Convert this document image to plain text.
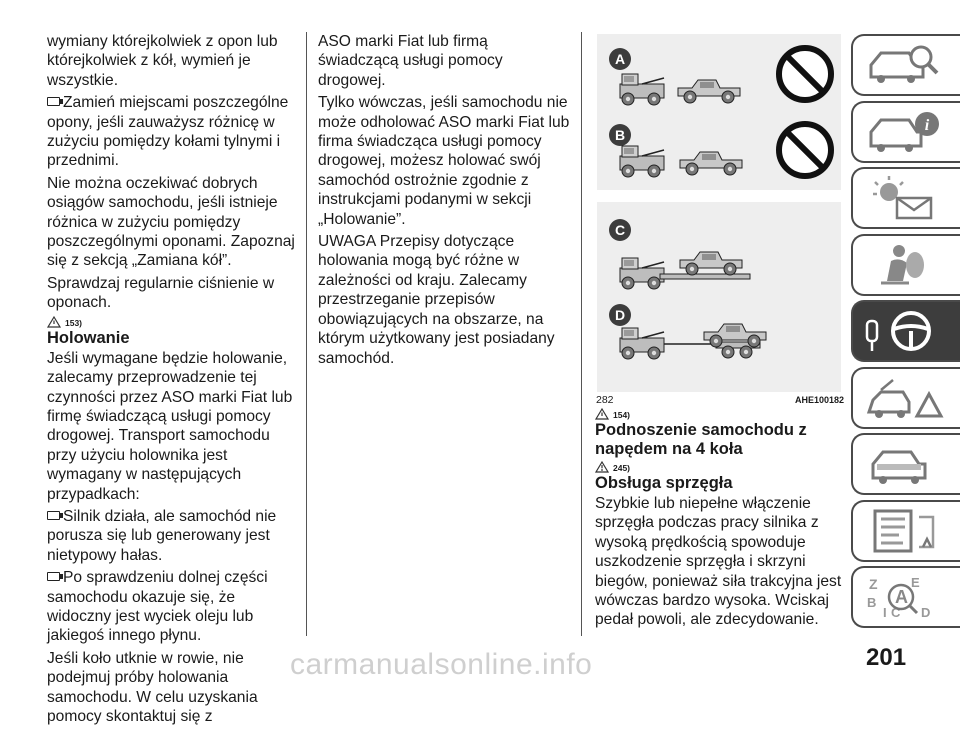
wymiany którejkolwiek z opon lub którejkolwiek z kół, wymień je wszystkie.

Zamień miejscami poszczególne opony, jeśli zauważysz różnicę w zużyciu pomiędzy kołami tylnymi i przednimi.

Nie można oczekiwać dobrych osiągów samochodu, jeśli istnieje różnica w zużyciu pomiędzy poszczególnymi oponami. Zapoznaj się z sekcją „Zamiana kół”.

Sprawdzaj regularnie ciśnienie w oponach.

153)
Holowanie

Jeśli wymagane będzie holowanie, zalecamy przeprowadzenie tej czynności przez ASO marki Fiat lub firmę świadczącą usługi pomocy drogowej. Transport samochodu przy użyciu holownika jest wymagany w następujących przypadkach:

Silnik działa, ale samochód nie porusza się lub generowany jest nietypowy hałas.

Po sprawdzeniu dolnej części samochodu okazuje się, że widoczny jest wyciek oleju lub jakiegoś innego płynu.

Jeśli koło utknie w rowie, nie podejmuj próby holowania samochodu. W celu uzyskania pomocy skontaktuj się z

ASO marki Fiat lub firmą świadczącą usługi pomocy drogowej.

Tylko wówczas, jeśli samochodu nie może odholować ASO marki Fiat lub firma świadcząca usługi pomocy drogowej, możesz holować swój samochód ostrożnie zgodnie z instrukcjami podanymi w sekcji „Holowanie”.

UWAGA Przepisy dotyczące holowania mogą być różne w zależności od kraju. Zalecamy przestrzeganie przepisów obowiązujących na obszarze, na którym użytkowany jest posiadany samochód.

A
B
C
D
282	AHE100182
154)
Podnoszenie samochodu z napędem na 4 koła
245)
Obsługa sprzęgła

Szybkie lub niepełne włączenie sprzęgła podczas pracy silnika z wysoką prędkością spowoduje uszkodzenie sprzęgła i skrzyni biegów, ponieważ siła trakcyjna jest wówczas bardzo wysoka. Wciskaj pedał powoli, ale zdecydowanie.

i
Z	E
B
I C
A
D
carmanualsonline.info	201
